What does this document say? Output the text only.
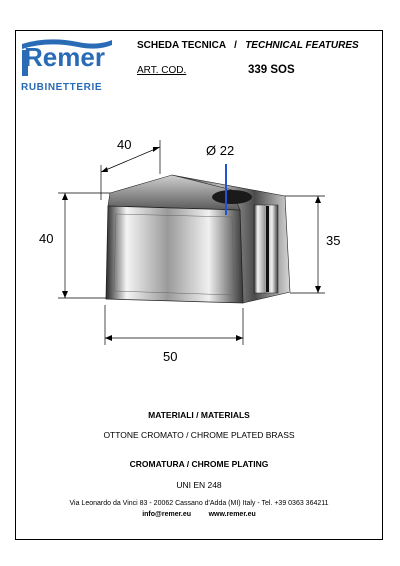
Remer
RUBINETTERIE
SCHEDA TECNICA / TECHNICAL FEATURES
ART. COD.	339 SOS
40	Ø 22
40	35
50
MATERIALI / MATERIALS
OTTONE CROMATO / CHROME PLATED BRASS
CROMATURA / CHROME PLATING
UNI EN 248
Via Leonardo da Vinci 83 - 20062 Cassano d'Adda (MI) Italy - Tel. +39 0363 364211
info@remer.eu	www.remer.eu
